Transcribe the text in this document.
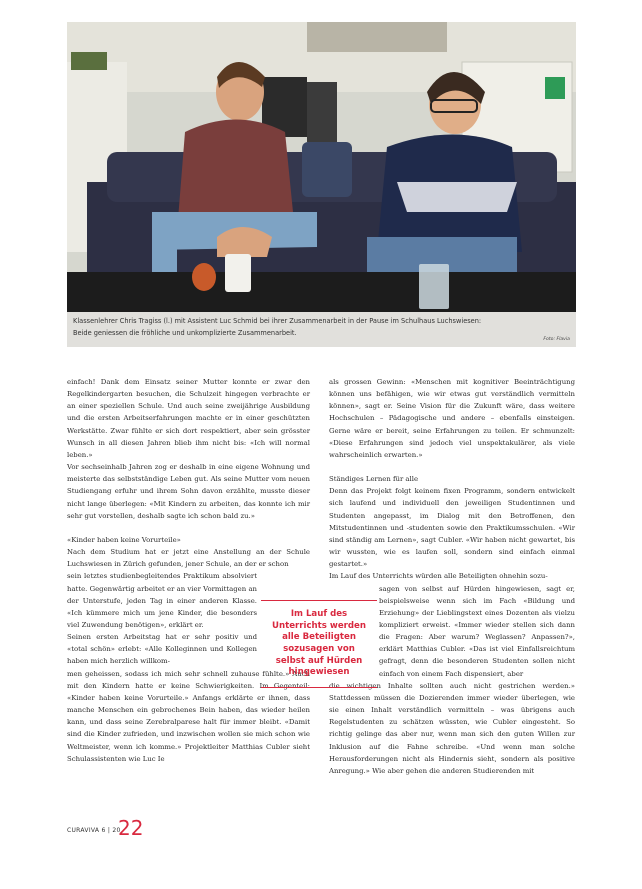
Klassenlehrer Chris Tragiss (l.) mit Assistent Luc Schmid bei ihrer Zusammenarbeit in der Pause im Schulhaus Luchswiesen:
Beide geniessen die fröhliche und unkomplizierte Zusammenarbeit.
Foto: Flavia

einfach! Dank dem Einsatz seiner Mutter konnte er zwar den Regelkindergarten besuchen, die Schulzeit hingegen verbrachte er an einer speziellen Schule. Und auch seine zweijährige Ausbildung und die ersten Arbeitserfahrungen machte er in einer geschützten Werkstätte. Zwar fühlte er sich dort respektiert, aber sein grösster Wunsch in all diesen Jahren blieb ihm nicht bis: «Ich will normal leben.»

Vor sechseinhalb Jahren zog er deshalb in eine eigene Wohnung und meisterte das selbstständige Leben gut. Als seine Mutter vom neuen Studiengang erfuhr und ihrem Sohn davon erzählte, musste dieser nicht lange überlegen: «Mit Kindern zu arbeiten, das konnte ich mir sehr gut vorstellen, deshalb sagte ich schon bald zu.»

«Kinder haben keine Vorurteile»

Nach dem Studium hat er jetzt eine Anstellung an der Schule Luchswiesen in Zürich gefunden, jener Schule, an der er schon

sein letztes studienbegleitendes Praktikum absolviert hatte. Gegenwärtig arbeitet er an vier Vormittagen an der Unterstufe, jeden Tag in einer anderen Klasse. «Ich kümmere mich um jene Kinder, die besonders viel Zuwendung benötigen», erklärt er.

Seinen ersten Arbeitstag hat er sehr positiv und «total schön» erlebt: «Alle Kolleginnen und Kollegen haben mich herzlich willkom-

men geheissen, sodass ich mich sehr schnell zuhause fühlte.» Auch mit den Kindern hatte er keine Schwierigkeiten. Im Gegenteil: «Kinder haben keine Vorurteile.» Anfangs erklärte er ihnen, dass manche Menschen ein gebrochenes Bein haben, das wieder heilen kann, und dass seine Zerebralparese halt für immer bleibt. «Damit sind die Kinder zufrieden, und inzwischen wollen sie mich schon wie Weltmeister, wenn ich komme.» Projektleiter Matthias Cubler sieht Schulassistenten wie Luc Ie

als grossen Gewinn: «Menschen mit kognitiver Beeinträchtigung können uns befähigen, wie wir etwas gut verständlich vermitteln können», sagt er. Seine Vision für die Zukunft wäre, dass weitere Hochschulen – Pädagogische und andere – ebenfalls einsteigen. Gerne wäre er bereit, seine Erfahrungen zu teilen. Er schmunzelt: «Diese Erfahrungen sind jedoch viel unspektakulärer, als viele wahrscheinlich erwarten.»

Ständiges Lernen für alle

Denn das Projekt folgt keinem fixen Programm, sondern entwickelt sich laufend und individuell den jeweiligen Studentinnen und Studenten angepasst, im Dialog mit den Betroffenen, den Mitstudentinnen und -studenten sowie den Praktikumsschulen. «Wir sind ständig am Lernen», sagt Cubler. «Wir haben nicht gewartet, bis wir wussten, wie es laufen soll, sondern sind einfach einmal gestartet.»

Im Lauf des Unterrichts würden alle Beteiligten ohnehin sozu-

sagen von selbst auf Hürden hingewiesen, sagt er, beispielsweise wenn sich im Fach «Bildung und Erziehung» der Lieblingstext eines Dozenten als vielzu kompliziert erweist. «Immer wieder stellen sich dann die Fragen: Aber warum? Weglassen? Anpassen?», erklärt Matthias Cubler. «Das ist viel Einfallsreichtum gefragt, denn die besonderen Studenten sollen nicht einfach von einem Fach dispensiert, aber

die wichtigen Inhalte sollten auch nicht gestrichen werden.» Stattdessen müssen die Dozierenden immer wieder überlegen, wie sie einen Inhalt verständlich vermitteln – was übrigens auch Regelstudenten zu schätzen wüssten, wie Cubler eingesteht. So richtig gelinge das aber nur, wenn man sich den guten Willen zur Inklusion auf die Fahne schreibe. «Und wenn man solche Herausforderungen nicht als Hindernis sieht, sondern als positive Anregung.» Wie aber gehen die anderen Studierenden mit

Im Lauf des Unterrichts werden alle Beteiligten sozusagen von selbst auf Hürden hingewiesen
CURAVIVA 6 | 20
22
